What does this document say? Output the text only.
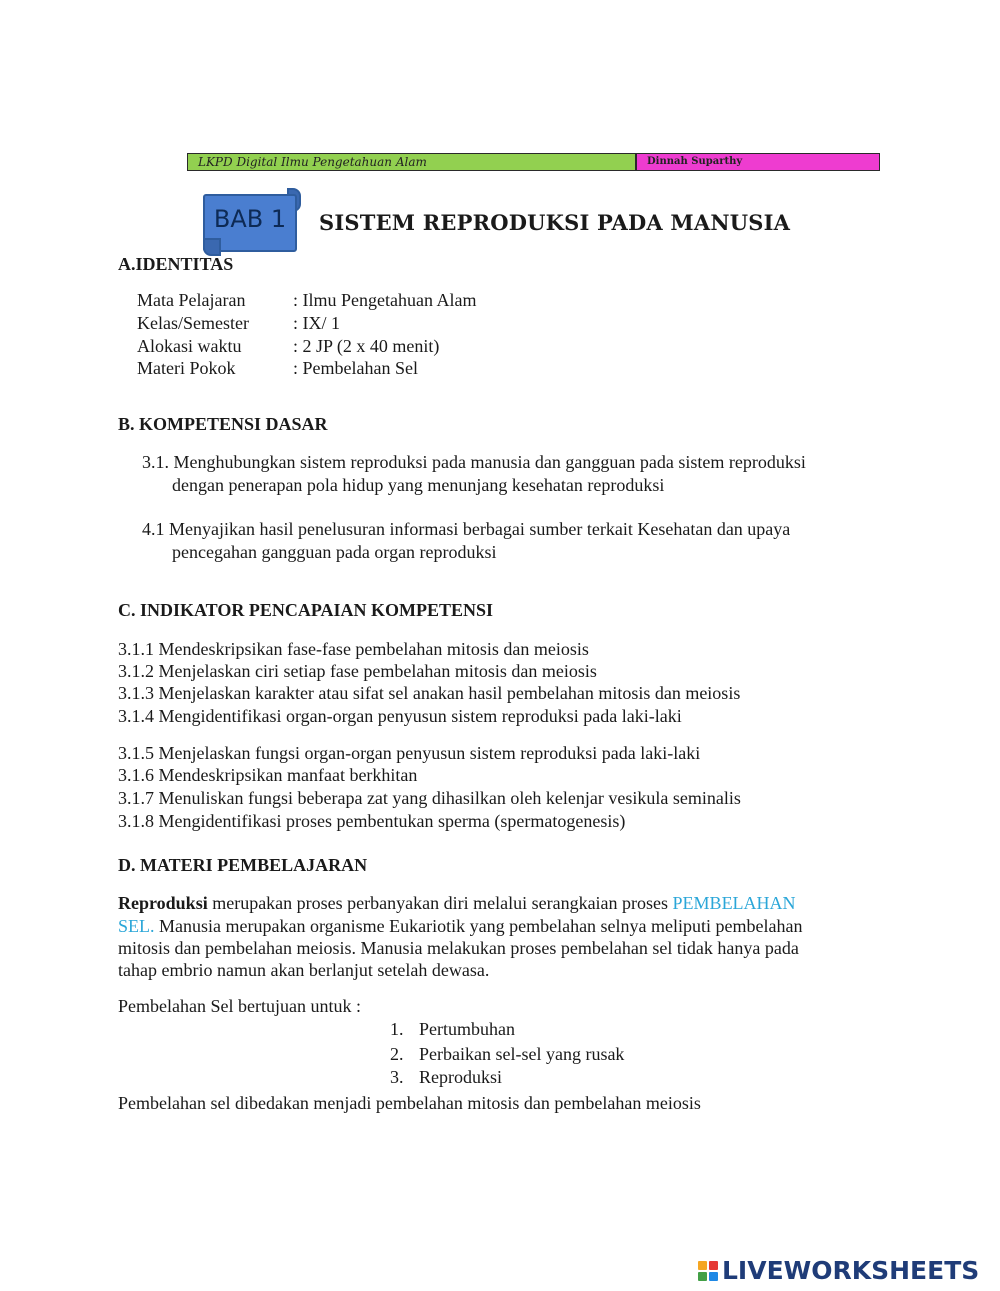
LKPD Digital Ilmu Pengetahuan Alam	Dinnah Suparthy
BAB 1	SISTEM REPRODUKSI PADA MANUSIA
A.IDENTITAS
Mata Pelajaran	: Ilmu Pengetahuan Alam
Kelas/Semester : IX/ 1
Alokasi waktu	: 2 JP (2 x 40 menit)
Materi Pokok	: Pembelahan Sel
B. KOMPETENSI DASAR
3.1. Menghubungkan sistem reproduksi pada manusia dan gangguan pada sistem reproduksi
dengan penerapan pola hidup yang menunjang kesehatan reproduksi
4.1 Menyajikan hasil penelusuran informasi berbagai sumber terkait Kesehatan dan upaya
pencegahan gangguan pada organ reproduksi
C. INDIKATOR PENCAPAIAN KOMPETENSI
3.1.1 Mendeskripsikan fase-fase pembelahan mitosis dan meiosis
3.1.2 Menjelaskan ciri setiap fase pembelahan mitosis dan meiosis
3.1.3 Menjelaskan karakter atau sifat sel anakan hasil pembelahan mitosis dan meiosis
3.1.4 Mengidentifikasi organ-organ penyusun sistem reproduksi pada laki-laki
3.1.5 Menjelaskan fungsi organ-organ penyusun sistem reproduksi pada laki-laki
3.1.6 Mendeskripsikan manfaat berkhitan
3.1.7 Menuliskan fungsi beberapa zat yang dihasilkan oleh kelenjar vesikula seminalis
3.1.8 Mengidentifikasi proses pembentukan sperma (spermatogenesis)
D. MATERI PEMBELAJARAN
Reproduksi merupakan proses perbanyakan diri melalui serangkaian proses PEMBELAHAN
SEL. Manusia merupakan organisme Eukariotik yang pembelahan selnya meliputi pembelahan
mitosis dan pembelahan meiosis. Manusia melakukan proses pembelahan sel tidak hanya pada
tahap embrio namun akan berlanjut setelah dewasa.
Pembelahan Sel bertujuan untuk :
1. Pertumbuhan
2. Perbaikan sel-sel yang rusak
3. Reproduksi
Pembelahan sel dibedakan menjadi pembelahan mitosis dan pembelahan meiosis
LIVEWORKSHEETS
